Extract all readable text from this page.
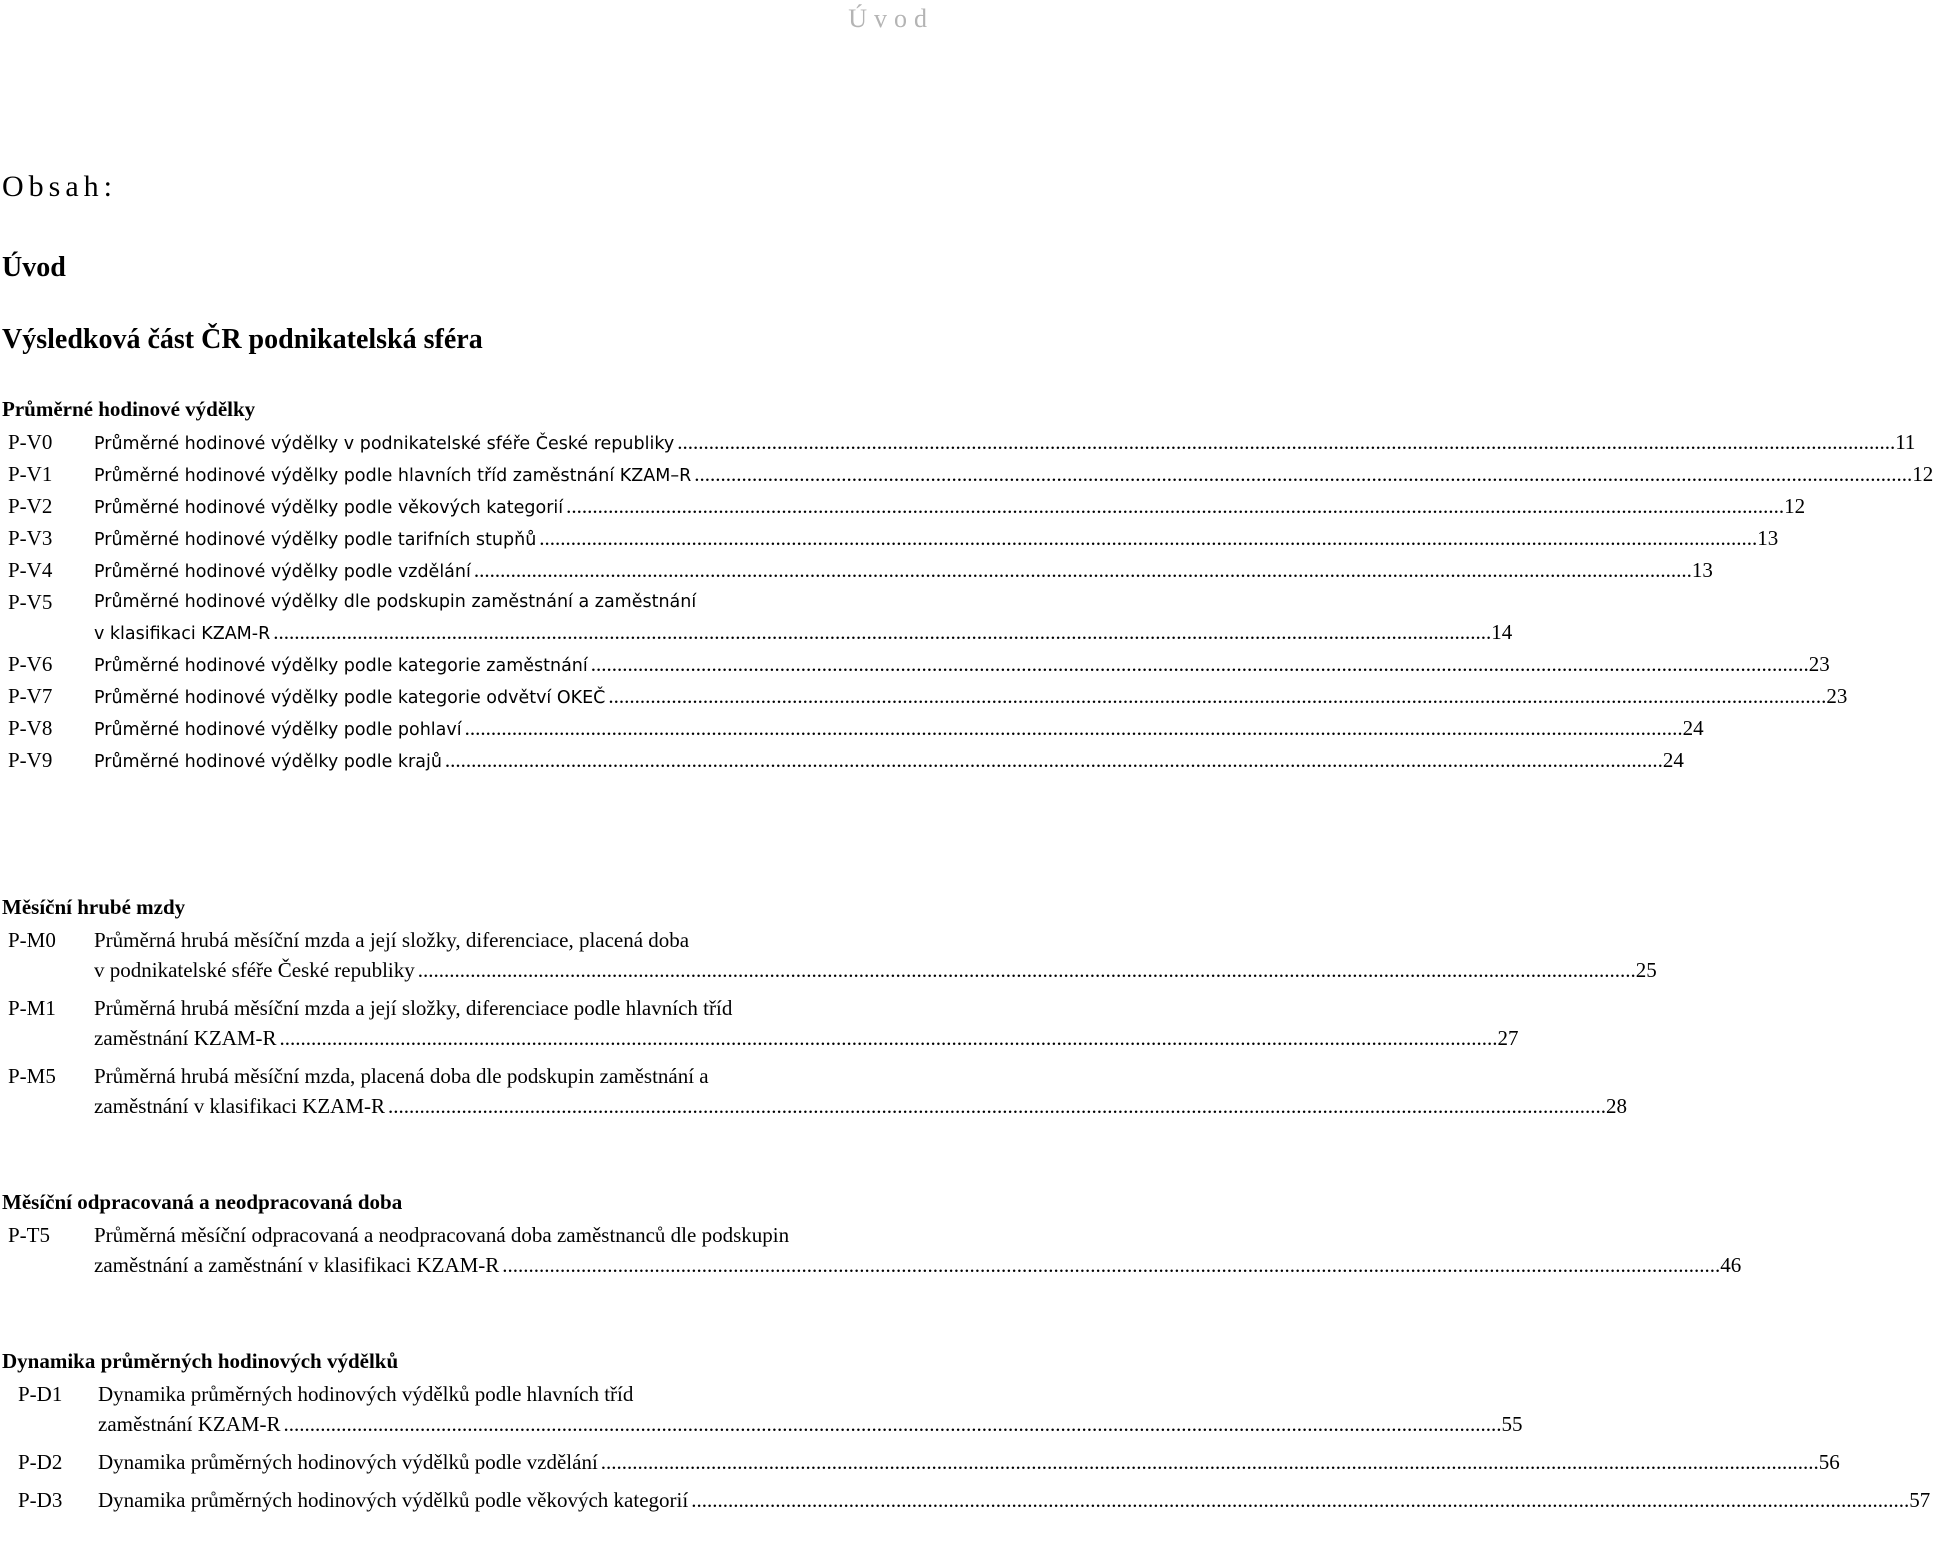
Úvod
Obsah:
Úvod
Výsledková část ČR podnikatelská sféra
Průměrné hodinové výdělky
P-V0	Průměrné hodinové výdělky v podnikatelské sféře České republiky .....	11
P-V1	Průměrné hodinové výdělky podle hlavních tříd zaměstnání KZAM–R .....	12
P-V2	Průměrné hodinové výdělky podle věkových kategorií .....	12
P-V3	Průměrné hodinové výdělky podle tarifních stupňů .....	13
P-V4	Průměrné hodinové výdělky podle vzdělání .....	13
P-V5	Průměrné hodinové výdělky dle podskupin zaměstnání a zaměstnání
v klasifikaci KZAM-R .....	14
P-V6	Průměrné hodinové výdělky podle kategorie zaměstnání .....	23
P-V7	Průměrné hodinové výdělky podle kategorie odvětví OKEČ .....	23
P-V8	Průměrné hodinové výdělky podle pohlaví .....	24
P-V9	Průměrné hodinové výdělky podle krajů .....	24
Měsíční hrubé mzdy
P-M0	Průměrná hrubá měsíční mzda a její složky, diferenciace, placená doba
v podnikatelské sféře České republiky .....	25
P-M1	Průměrná hrubá měsíční mzda a její složky, diferenciace podle hlavních tříd
zaměstnání KZAM-R .....	27
P-M5	Průměrná hrubá měsíční mzda, placená doba dle podskupin zaměstnání a
zaměstnání v klasifikaci KZAM-R .....	28
Měsíční odpracovaná a neodpracovaná doba
P-T5	Průměrná měsíční odpracovaná a neodpracovaná doba zaměstnanců dle podskupin
zaměstnání a zaměstnání v klasifikaci KZAM-R .....	46
Dynamika průměrných hodinových výdělků
P-D1	Dynamika průměrných hodinových výdělků podle hlavních tříd
zaměstnání KZAM-R .....	55
P-D2	Dynamika průměrných hodinových výdělků podle vzdělání .....	56
P-D3	Dynamika průměrných hodinových výdělků podle věkových kategorií .....	57
